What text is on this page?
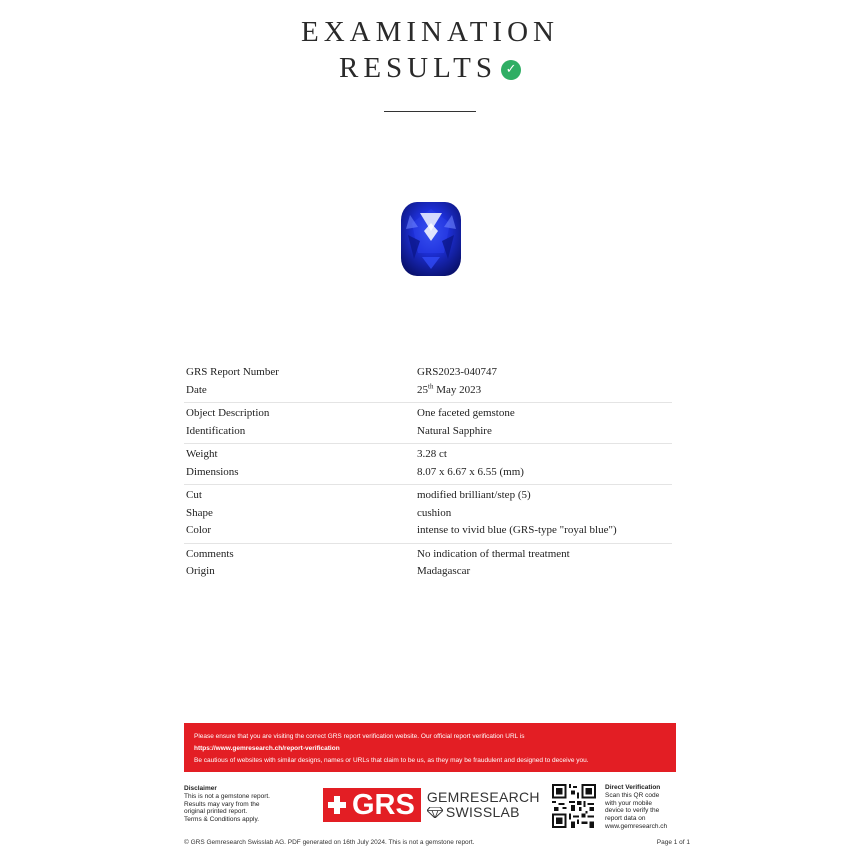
EXAMINATION
RESULTS ✓
GRS Report Number	GRS2023-040747
Date	25th May 2023
Object Description	One faceted gemstone
Identification	Natural Sapphire
Weight	3.28 ct
Dimensions	8.07 x 6.67 x 6.55 (mm)
Cut	modified brilliant/step (5)
Shape	cushion
Color	intense to vivid blue (GRS-type "royal blue")
Comments	No indication of thermal treatment
Origin	Madagascar
Please ensure that you are visiting the correct GRS report verification website. Our official report verification URL is
https://www.gemresearch.ch/report-verification
Be cautious of websites with similar designs, names or URLs that claim to be us, as they may be fraudulent and designed to deceive you.
Disclaimer
This is not a gemstone report.
Results may vary from the
original printed report.
Terms & Conditions apply.	GRS GEMRESEARCH
SWISSLAB
Direct Verification
Scan this QR code
with your mobile
device to verify the
report data on
www.gemresearch.ch
© GRS Gemresearch Swisslab AG. PDF generated on 16th July 2024. This is not a gemstone report.	Page 1 of 1
